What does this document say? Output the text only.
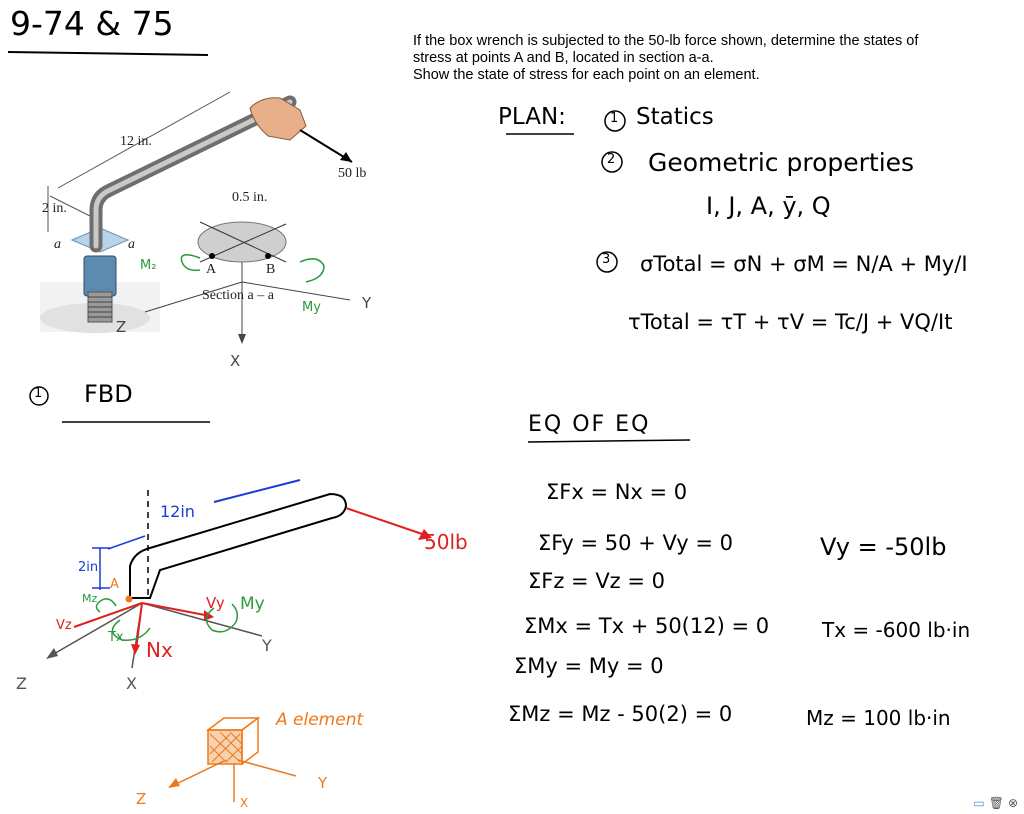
9-74 & 75	If the box wrench is subjected to the 50-lb force shown, determine the states of
stress at points A and B, located in section a-a.
Show the state of stress for each point on an element.
12 in.
2 in.
0.5 in.
50 lb
Section a – a
a	a
A	B
M₂
My
X
Y
Z
PLAN:	1 Statics
2 Geometric properties
I, J, A, ȳ, Q
3 σTotal = σN + σM = N/A + My/I
τTotal = τT + τV = Tc/J + VQ/It
1 FBD
12in
2in
A
50lb
Mz
Vz
Tx
Nx
Vy My
Y
X
Z
EQ OF EQ
ΣFx = Nx = 0
ΣFy = 50 + Vy = 0	Vy = -50lb
ΣFz = Vz = 0
ΣMx = Tx + 50(12) = 0	Tx = -600 lb·in
ΣMy = My = 0
ΣMz = Mz - 50(2) = 0	Mz = 100 lb·in
A element
Z
Y
X	▭ 🗑 ⊗
